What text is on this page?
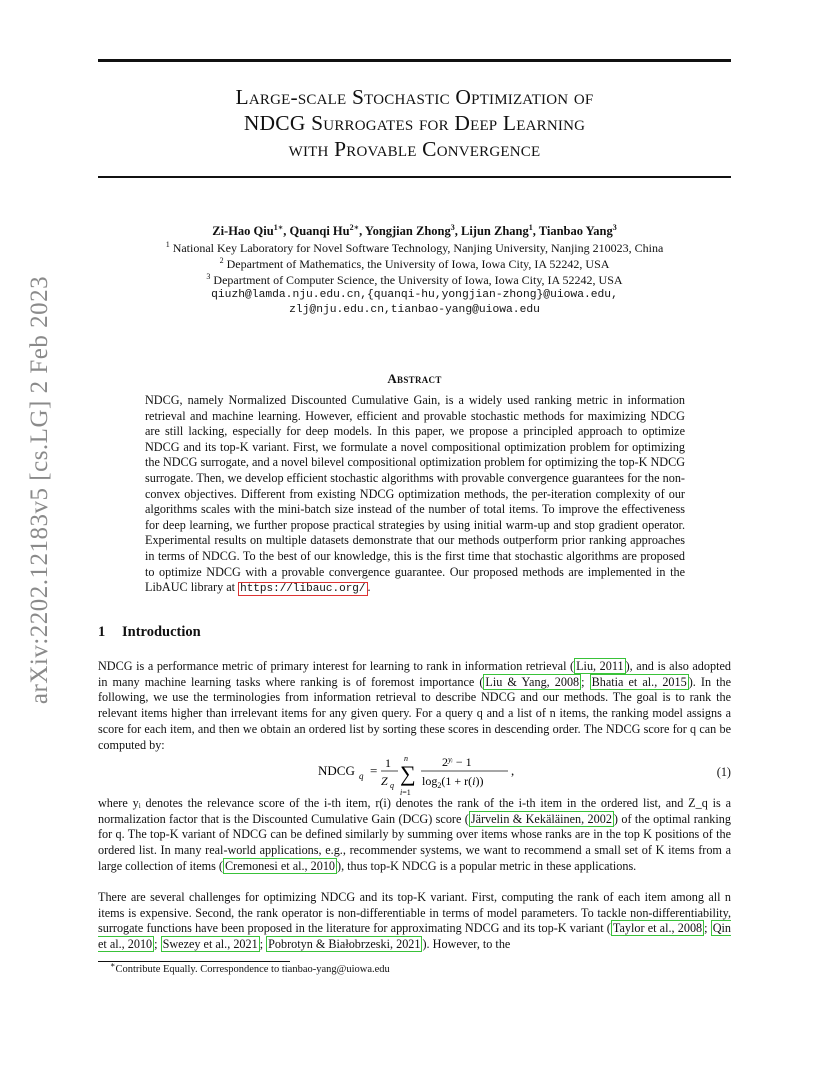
arXiv:2202.12183v5 [cs.LG] 2 Feb 2023
Large-scale Stochastic Optimization of
NDCG Surrogates for Deep Learning
with Provable Convergence
Zi-Hao Qiu$^{1∗}$, Quanqi $Hu^{2∗}$, Yongjian Zhong$^3$, Lijun Zhang$^1$, Tianbao Yang$^3$
$^1$ National Key Laboratory for Novel Software Technology, Nanjing University, Nanjing 210023, China
$^2$ Department of Mathematics, the University of Iowa, Iowa City, IA 52242, USA
$^3$ Department of Computer Science, the University of Iowa, Iowa City, IA 52242, USA
qiuzh@lamda.nju.edu.cn,{quanqi-hu,yongjian-zhong}@uiowa.edu,
zlj@nju.edu.cn,tianbao-yang@uiowa.edu
Abstract
NDCG, namely Normalized Discounted Cumulative Gain, is a widely used ranking metric in information retrieval and machine learning. However, efficient and provable stochastic methods for maximizing NDCG are still lacking, especially for deep models. In this paper, we propose a principled approach to optimize NDCG and its top-K variant. First, we formulate a novel compositional optimization problem for optimizing the NDCG surrogate, and a novel bilevel compositional optimization problem for optimizing the top-K NDCG surrogate. Then, we develop efficient stochastic algorithms with provable convergence guarantees for the non-convex objectives. Different from existing NDCG optimization methods, the per-iteration complexity of our algorithms scales with the mini-batch size instead of the number of total items. To improve the effectiveness for deep learning, we further propose practical strategies by using initial warm-up and stop gradient operator. Experimental results on multiple datasets demonstrate that our methods outperform prior ranking approaches in terms of NDCG. To the best of our knowledge, this is the first time that stochastic algorithms are proposed to optimize NDCG with a provable convergence guarantee. Our proposed methods are implemented in the LibAUC library at https://libauc.org/ .
1 Introduction
NDCG is a performance metric of primary interest for learning to rank in information retrieval ( Liu, 2011 ), and is also adopted in many machine learning tasks where ranking is of foremost importance ( Liu & Yang, 2008 ; Bhatia et al., 2015 ). In the following, we use the terminologies from information retrieval to describe NDCG and our methods. The goal is to rank the relevant items higher than irrelevant items for any given query. For a query q and a list of n items, the ranking model assigns a score for each item, and then we obtain an ordered list by sorting these scores in descending order. The NDCG score for q can be computed by:
NDCG q = 1
Z q
n
∑
i=1
$2^{yᵢ} - 1$
$\log_2(1 + r(i))$
,	(1)
where yᵢ denotes the relevance score of the i-th item, r(i) denotes the rank of the i-th item in the ordered list, and Z_q is a normalization factor that is the Discounted Cumulative Gain (DCG) score ( Järvelin & Kekäläinen, 2002 ) of the optimal ranking for q. The top-K variant of NDCG can be defined similarly by summing over items whose ranks are in the top K positions of the ordered list. In many real-world applications, e.g., recommender systems, we want to recommend a small set of K items from a large collection of items ( Cremonesi et al., 2010 ), thus top-K NDCG is a popular metric in these applications.
There are several challenges for optimizing NDCG and its top-K variant. First, computing the rank of each item among all n items is expensive. Second, the rank operator is non-differentiable in terms of model parameters. To tackle non-differentiability, surrogate functions have been proposed in the literature for approximating NDCG and its top-K variant ( Taylor et al., 2008 ; Qin et al., 2010 ; Swezey et al., 2021 ; Pobrotyn & Białobrzeski, 2021 ). However, to the
∗Contribute Equally. Correspondence to tianbao-yang@uiowa.edu
